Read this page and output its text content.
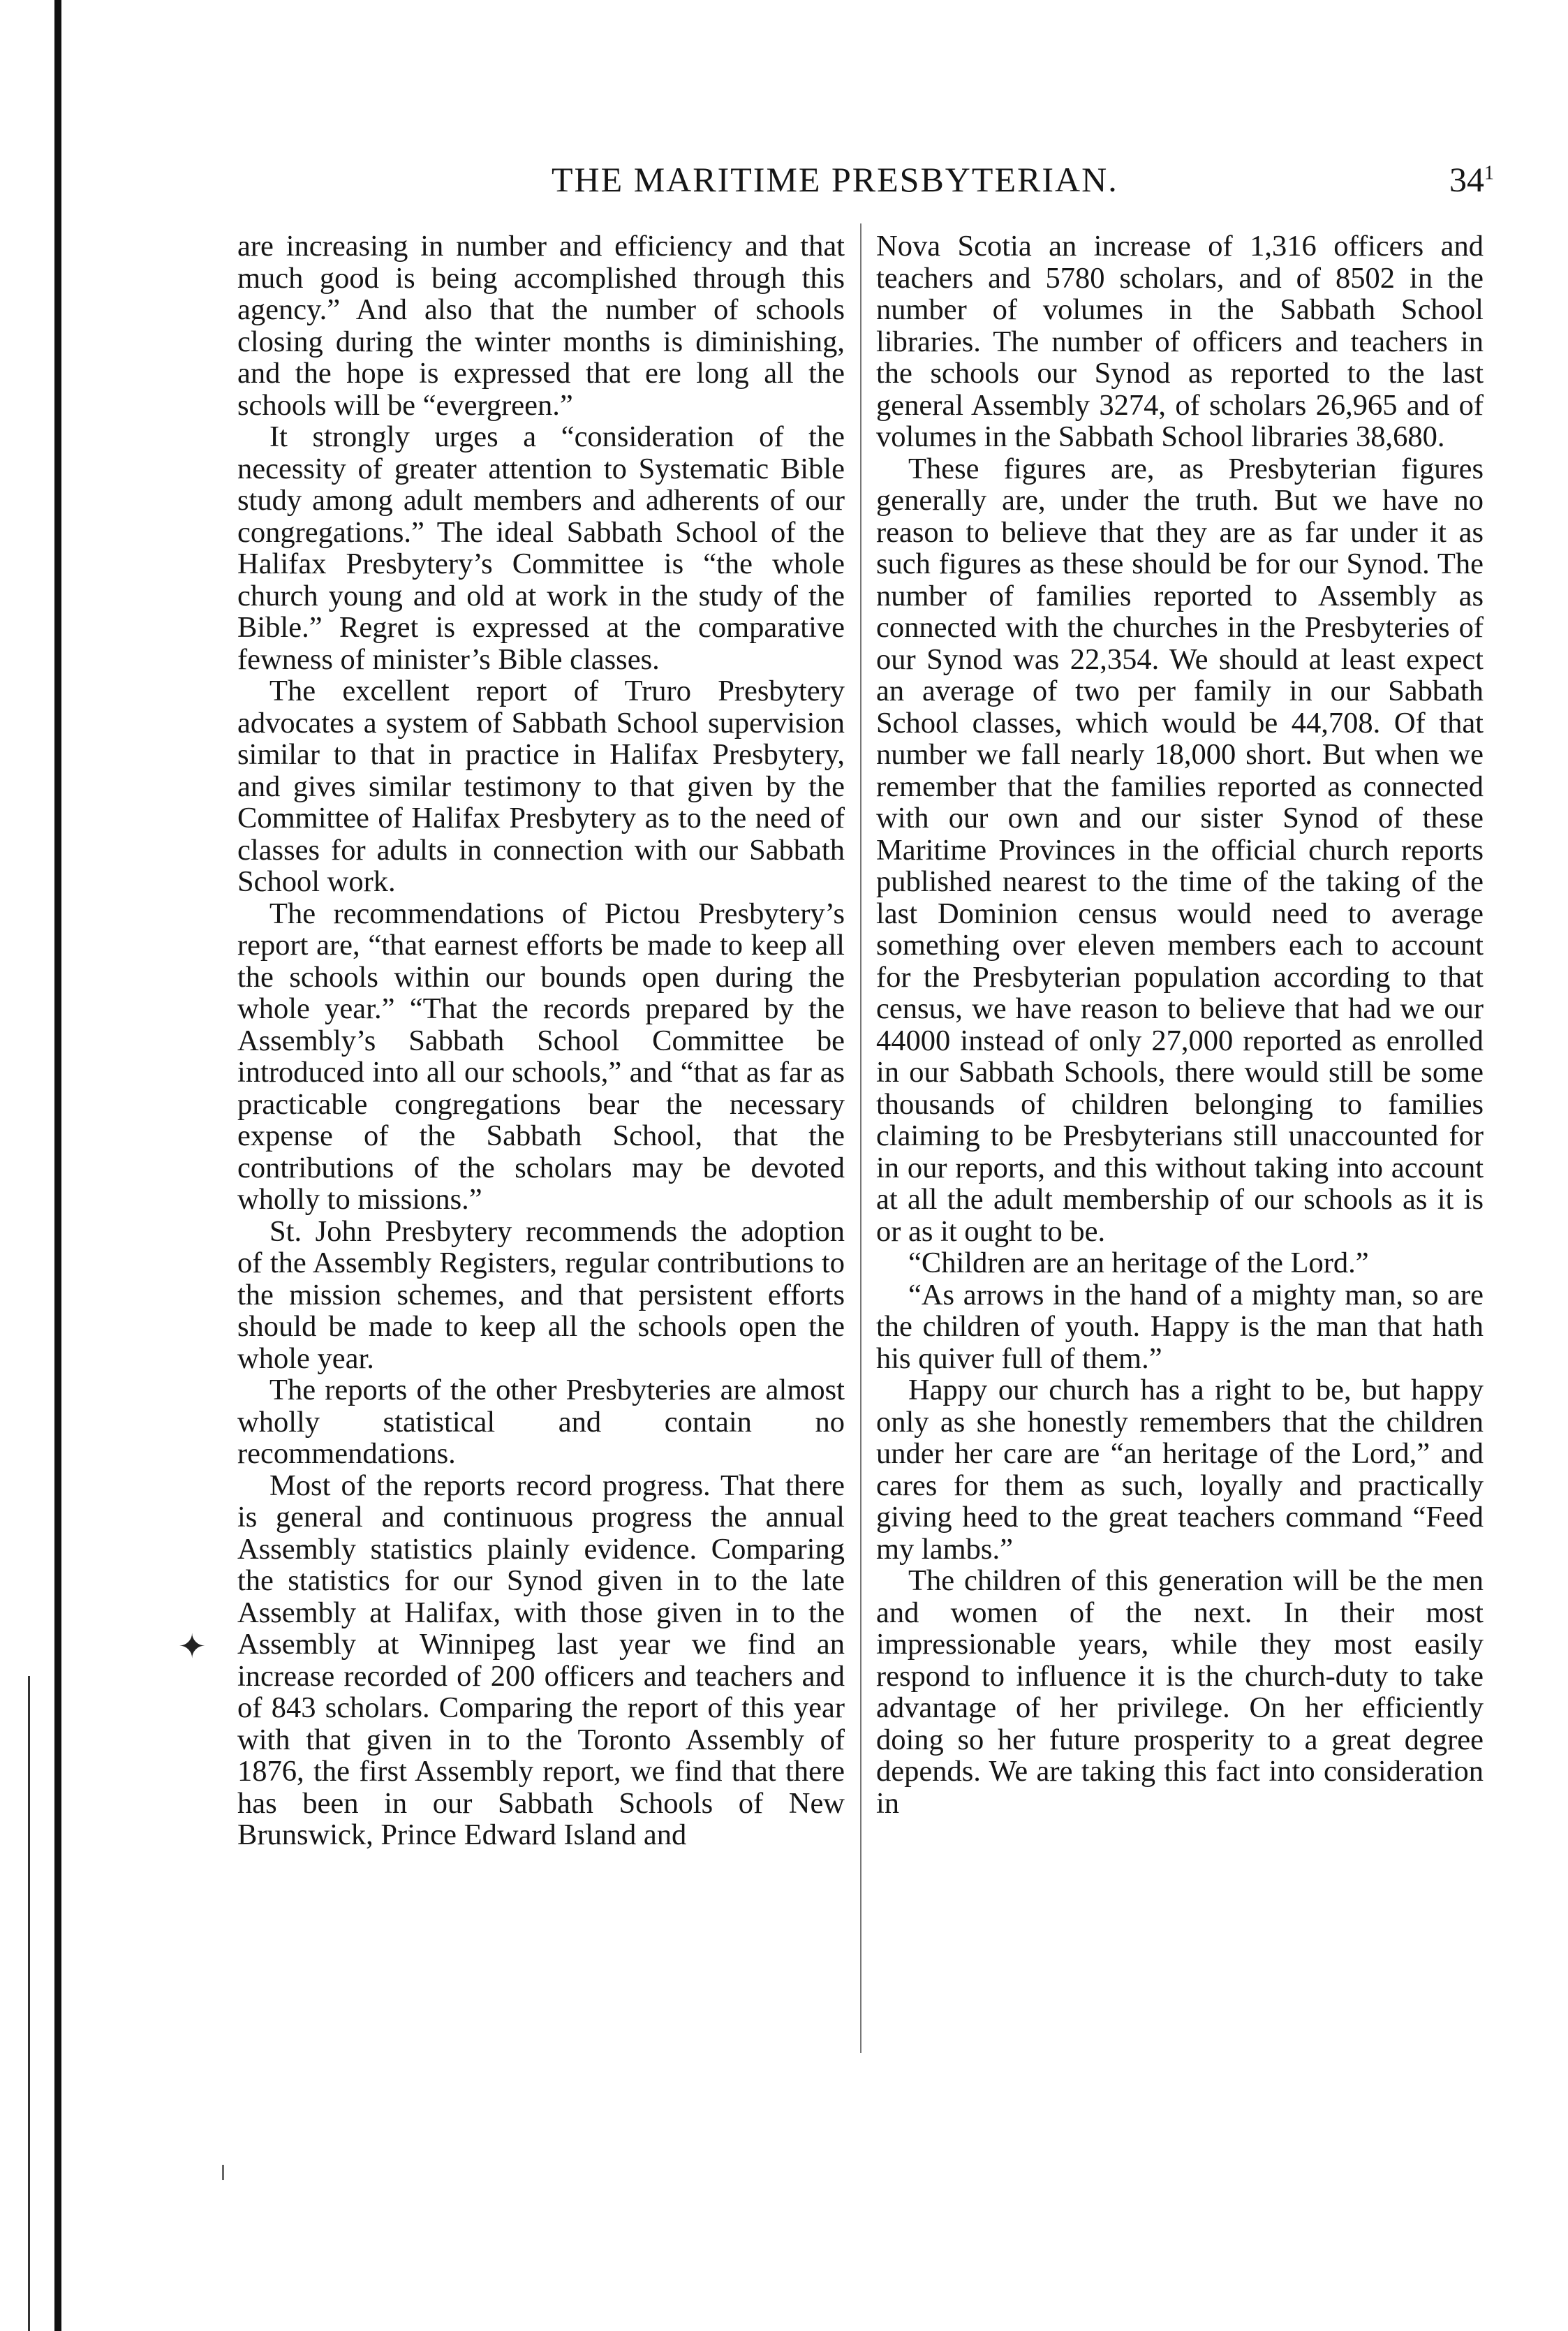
THE MARITIME PRESBYTERIAN.	$34^1$

are increasing in number and efficiency and that much good is being accomplished through this agency.” And also that the number of schools closing during the winter months is diminishing, and the hope is expressed that ere long all the schools will be “evergreen.”

It strongly urges a “consideration of the necessity of greater attention to Systematic Bible study among adult members and adherents of our congregations.” The ideal Sabbath School of the Halifax Presbytery’s Committee is “the whole church young and old at work in the study of the Bible.” Regret is expressed at the comparative fewness of minister’s Bible classes.

The excellent report of Truro Presbytery advocates a system of Sabbath School supervision similar to that in practice in Halifax Presbytery, and gives similar testimony to that given by the Committee of Halifax Presbytery as to the need of classes for adults in connection with our Sabbath School work.

The recommendations of Pictou Presbytery’s report are, “that earnest efforts be made to keep all the schools within our bounds open during the whole year.” “That the records prepared by the Assembly’s Sabbath School Committee be introduced into all our schools,” and “that as far as practicable congregations bear the necessary expense of the Sabbath School, that the contributions of the scholars may be devoted wholly to missions.”

St. John Presbytery recommends the adoption of the Assembly Registers, regular contributions to the mission schemes, and that persistent efforts should be made to keep all the schools open the whole year.

The reports of the other Presbyteries are almost wholly statistical and contain no recommendations.

Most of the reports record progress. That there is general and continuous progress the annual Assembly statistics plainly evidence. Comparing the statistics for our Synod given in to the late Assembly at Halifax, with those given in to the Assembly at Winnipeg last year we find an increase recorded of 200 officers and teachers and of 843 scholars. Comparing the report of this year with that given in to the Toronto Assembly of 1876, the first Assembly report, we find that there has been in our Sabbath Schools of New Brunswick, Prince Edward Island and

Nova Scotia an increase of 1,316 officers and teachers and 5780 scholars, and of 8502 in the number of volumes in the Sabbath School libraries. The number of officers and teachers in the schools our Synod as reported to the last general Assembly 3274, of scholars 26,965 and of volumes in the Sabbath School libraries 38,680.

These figures are, as Presbyterian figures generally are, under the truth. But we have no reason to believe that they are as far under it as such figures as these should be for our Synod. The number of families reported to Assembly as connected with the churches in the Presbyteries of our Synod was 22,354. We should at least expect an average of two per family in our Sabbath School classes, which would be 44,708. Of that number we fall nearly 18,000 short. But when we remember that the families reported as connected with our own and our sister Synod of these Maritime Provinces in the official church reports published nearest to the time of the taking of the last Dominion census would need to average something over eleven members each to account for the Presbyterian population according to that census, we have reason to believe that had we our 44000 instead of only 27,000 reported as enrolled in our Sabbath Schools, there would still be some thousands of children belonging to families claiming to be Presbyterians still unaccounted for in our reports, and this without taking into account at all the adult membership of our schools as it is or as it ought to be.

“Children are an heritage of the Lord.”

“As arrows in the hand of a mighty man, so are the children of youth. Happy is the man that hath his quiver full of them.”

Happy our church has a right to be, but happy only as she honestly remembers that the children under her care are “an heritage of the Lord,” and cares for them as such, loyally and practically giving heed to the great teachers command “Feed my lambs.”

The children of this generation will be the men and women of the next. In their most impressionable years, while they most easily respond to influence it is the church-duty to take advantage of her privilege. On her efficiently doing so her future prosperity to a great degree depends. We are taking this fact into consideration in

✦
